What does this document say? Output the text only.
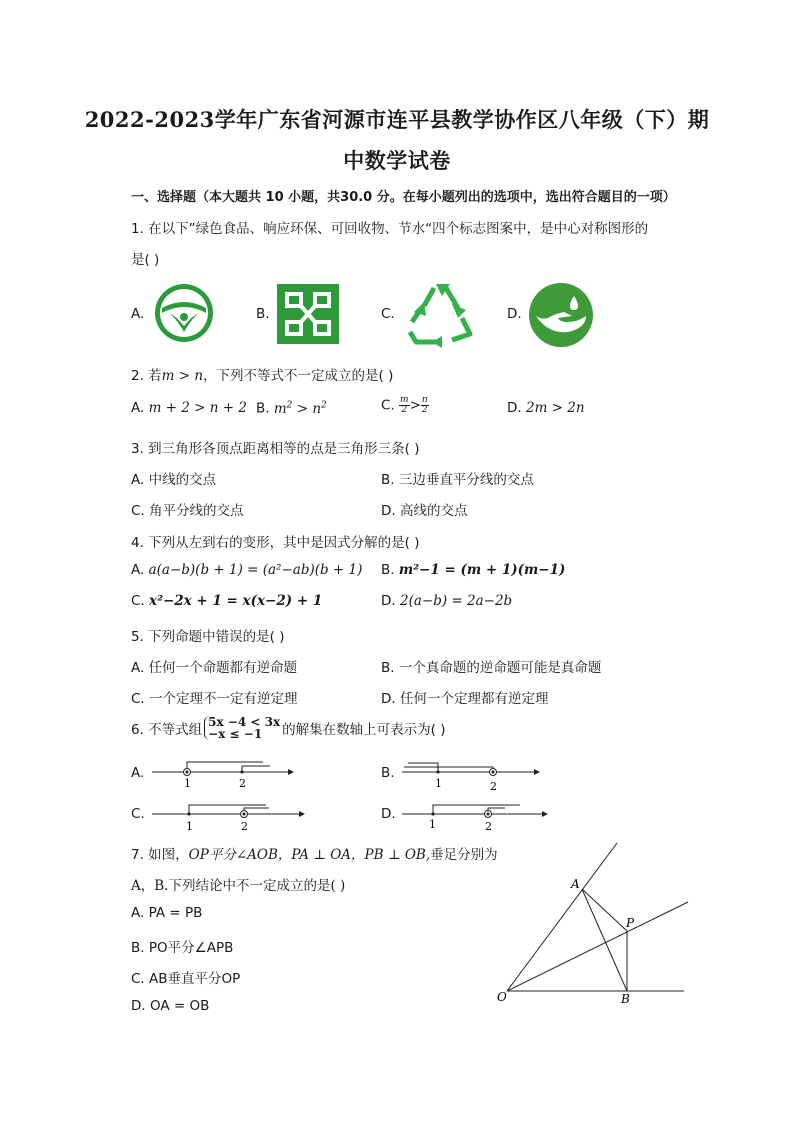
2022-2023学年广东省河源市连平县教学协作区八年级（下）期
中数学试卷
一、选择题（本大题共 10 小题，共30.0 分。在每小题列出的选项中，选出符合题目的一项）
1. 在以下”绿色食品、响应环保、可回收物、节水“四个标志图案中，是中心对称图形的
是( )
A.	B.	C.	D.
2. 若m > n，下列不等式不一定成立的是( )
A. m + 2 > n + 2 B. $m^2 > n^2$	C. $\frac{m}{2} > \frac{n}{2}$	D. 2m > 2n
3. 到三角形各顶点距离相等的点是三角形三条( )
A. 中线的交点	B. 三边垂直平分线的交点
C. 角平分线的交点	D. 高线的交点
4. 下列从左到右的变形，其中是因式分解的是( )
A. a(a−b)(b + 1) = (a²−ab)(b + 1) B. m²−1 = (m + 1)(m−1)
C. x²−2x + 1 = x(x−2) + 1	D. 2(a−b) = 2a−2b
5. 下列命题中错误的是( )
A. 任何一个命题都有逆命题	B. 一个真命题的逆命题可能是真命题
C. 一个定理不一定有逆定理	D. 任何一个定理都有逆定理
6. 不等式组 5x −4 < 3x
−x ≤ −1	的解集在数轴上可表示为( )
A.
1	2
B.
1	2
C.
1	2
D.
1	2
7. 如图，OP平分∠AOB，PA ⊥ OA，PB ⊥ OB,垂足分别为
A，B.下列结论中不一定成立的是( )
A. PA = PB
B. PO平分∠APB
C. AB垂直平分OP
D. OA = OB
A
P
O	B
